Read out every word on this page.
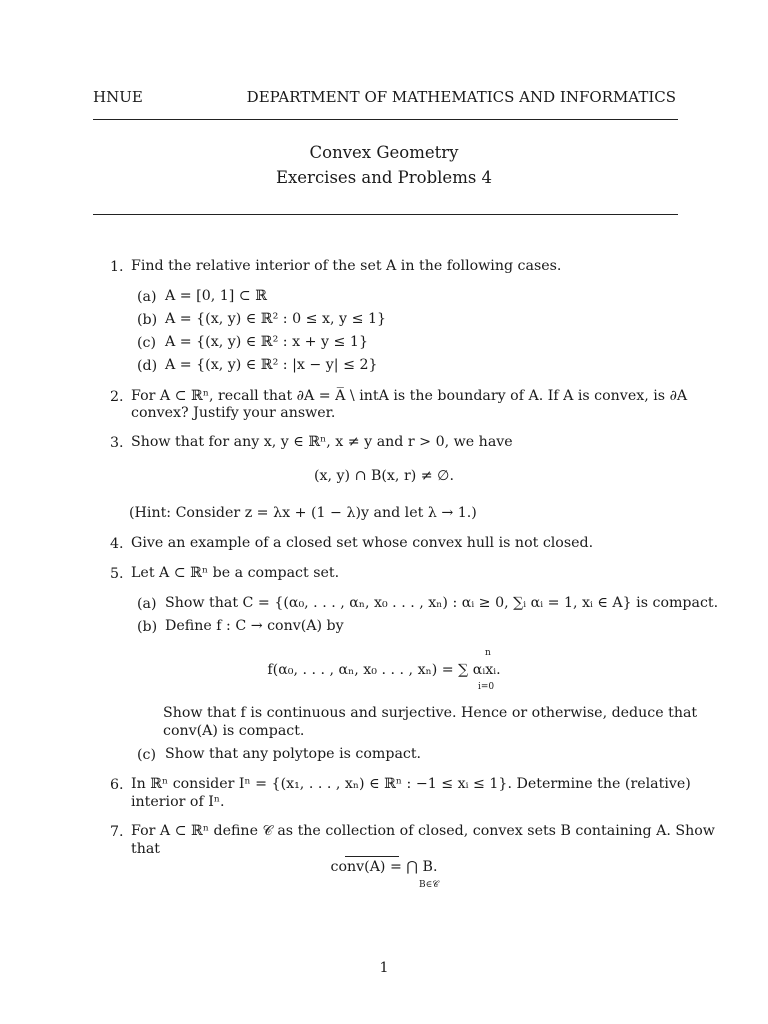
HNUE	DEPARTMENT OF MATHEMATICS AND INFORMATICS
Convex Geometry
Exercises and Problems 4
1. Find the relative interior of the set A in the following cases.
(a) A = [0, 1] ⊂ ℝ
(b) A = {(x, y) ∈ ℝ² : 0 ≤ x, y ≤ 1}
(c) A = {(x, y) ∈ ℝ² : x + y ≤ 1}
(d) A = {(x, y) ∈ ℝ² : |x − y| ≤ 2}
2. For A ⊂ ℝⁿ, recall that ∂A = A̅ \ intA is the boundary of A. If A is convex, is ∂A
convex? Justify your answer.
3. Show that for any x, y ∈ ℝⁿ, x ≠ y and r > 0, we have
(x, y) ∩ B(x, r) ≠ ∅.
(Hint: Consider z = λx + (1 − λ)y and let λ → 1.)
4. Give an example of a closed set whose convex hull is not closed.
5. Let A ⊂ ℝⁿ be a compact set.
(a) Show that C = {(α₀, . . . , αₙ, x₀ . . . , xₙ) : αᵢ ≥ 0, ∑ᵢ αᵢ = 1, xᵢ ∈ A} is compact.
(b) Define f : C → conv(A) by
n
f(α₀, . . . , αₙ, x₀ . . . , xₙ) = ∑ αᵢxᵢ.
i=0
Show that f is continuous and surjective. Hence or otherwise, deduce that
conv(A) is compact.
(c) Show that any polytope is compact.
6. In ℝⁿ consider Iⁿ = {(x₁, . . . , xₙ) ∈ ℝⁿ : −1 ≤ xᵢ ≤ 1}. Determine the (relative)
interior of Iⁿ.
7. For A ⊂ ℝⁿ define 𝒞 as the collection of closed, convex sets B containing A. Show
that
conv(A) = ⋂ B.
B∈𝒞
1
